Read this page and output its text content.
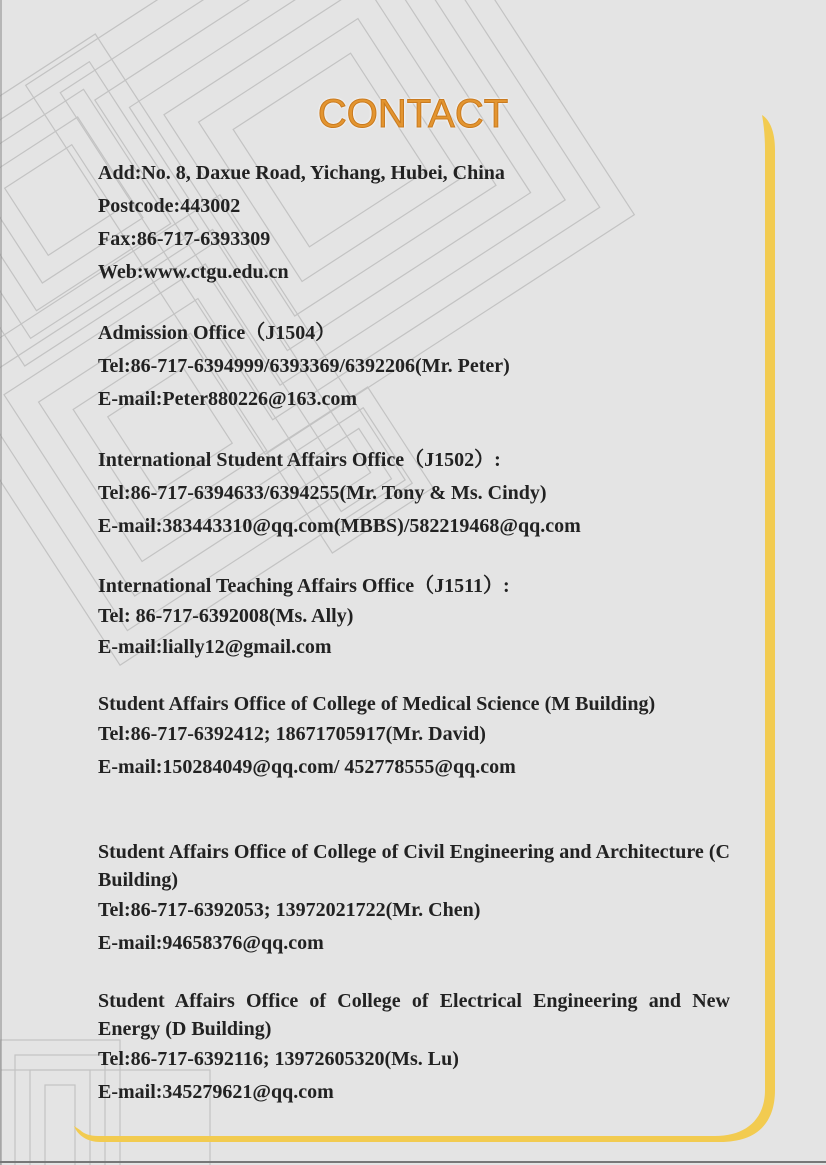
CONTACT
Add:No. 8, Daxue Road, Yichang, Hubei, China
Postcode:443002
Fax:86-717-6393309
Web:www.ctgu.edu.cn
Admission Office（J1504）
Tel:86-717-6394999/6393369/6392206(Mr. Peter)
E-mail:Peter880226@163.com
International Student Affairs Office（J1502）:
Tel:86-717-6394633/6394255(Mr. Tony & Ms. Cindy)
E-mail:383443310@qq.com(MBBS)/582219468@qq.com
International Teaching Affairs Office（J1511）:
Tel: 86-717-6392008(Ms. Ally)
E-mail:lially12@gmail.com
Student Affairs Office of College of Medical Science (M Building)
Tel:86-717-6392412; 18671705917(Mr. David)
E-mail:150284049@qq.com/ 452778555@qq.com
Student Affairs Office of College of Civil Engineering and Architecture (C Building)
Tel:86-717-6392053; 13972021722(Mr. Chen)
E-mail:94658376@qq.com
Student Affairs Office of College of Electrical Engineering and New Energy (D Building)
Tel:86-717-6392116; 13972605320(Ms. Lu)
E-mail:345279621@qq.com
